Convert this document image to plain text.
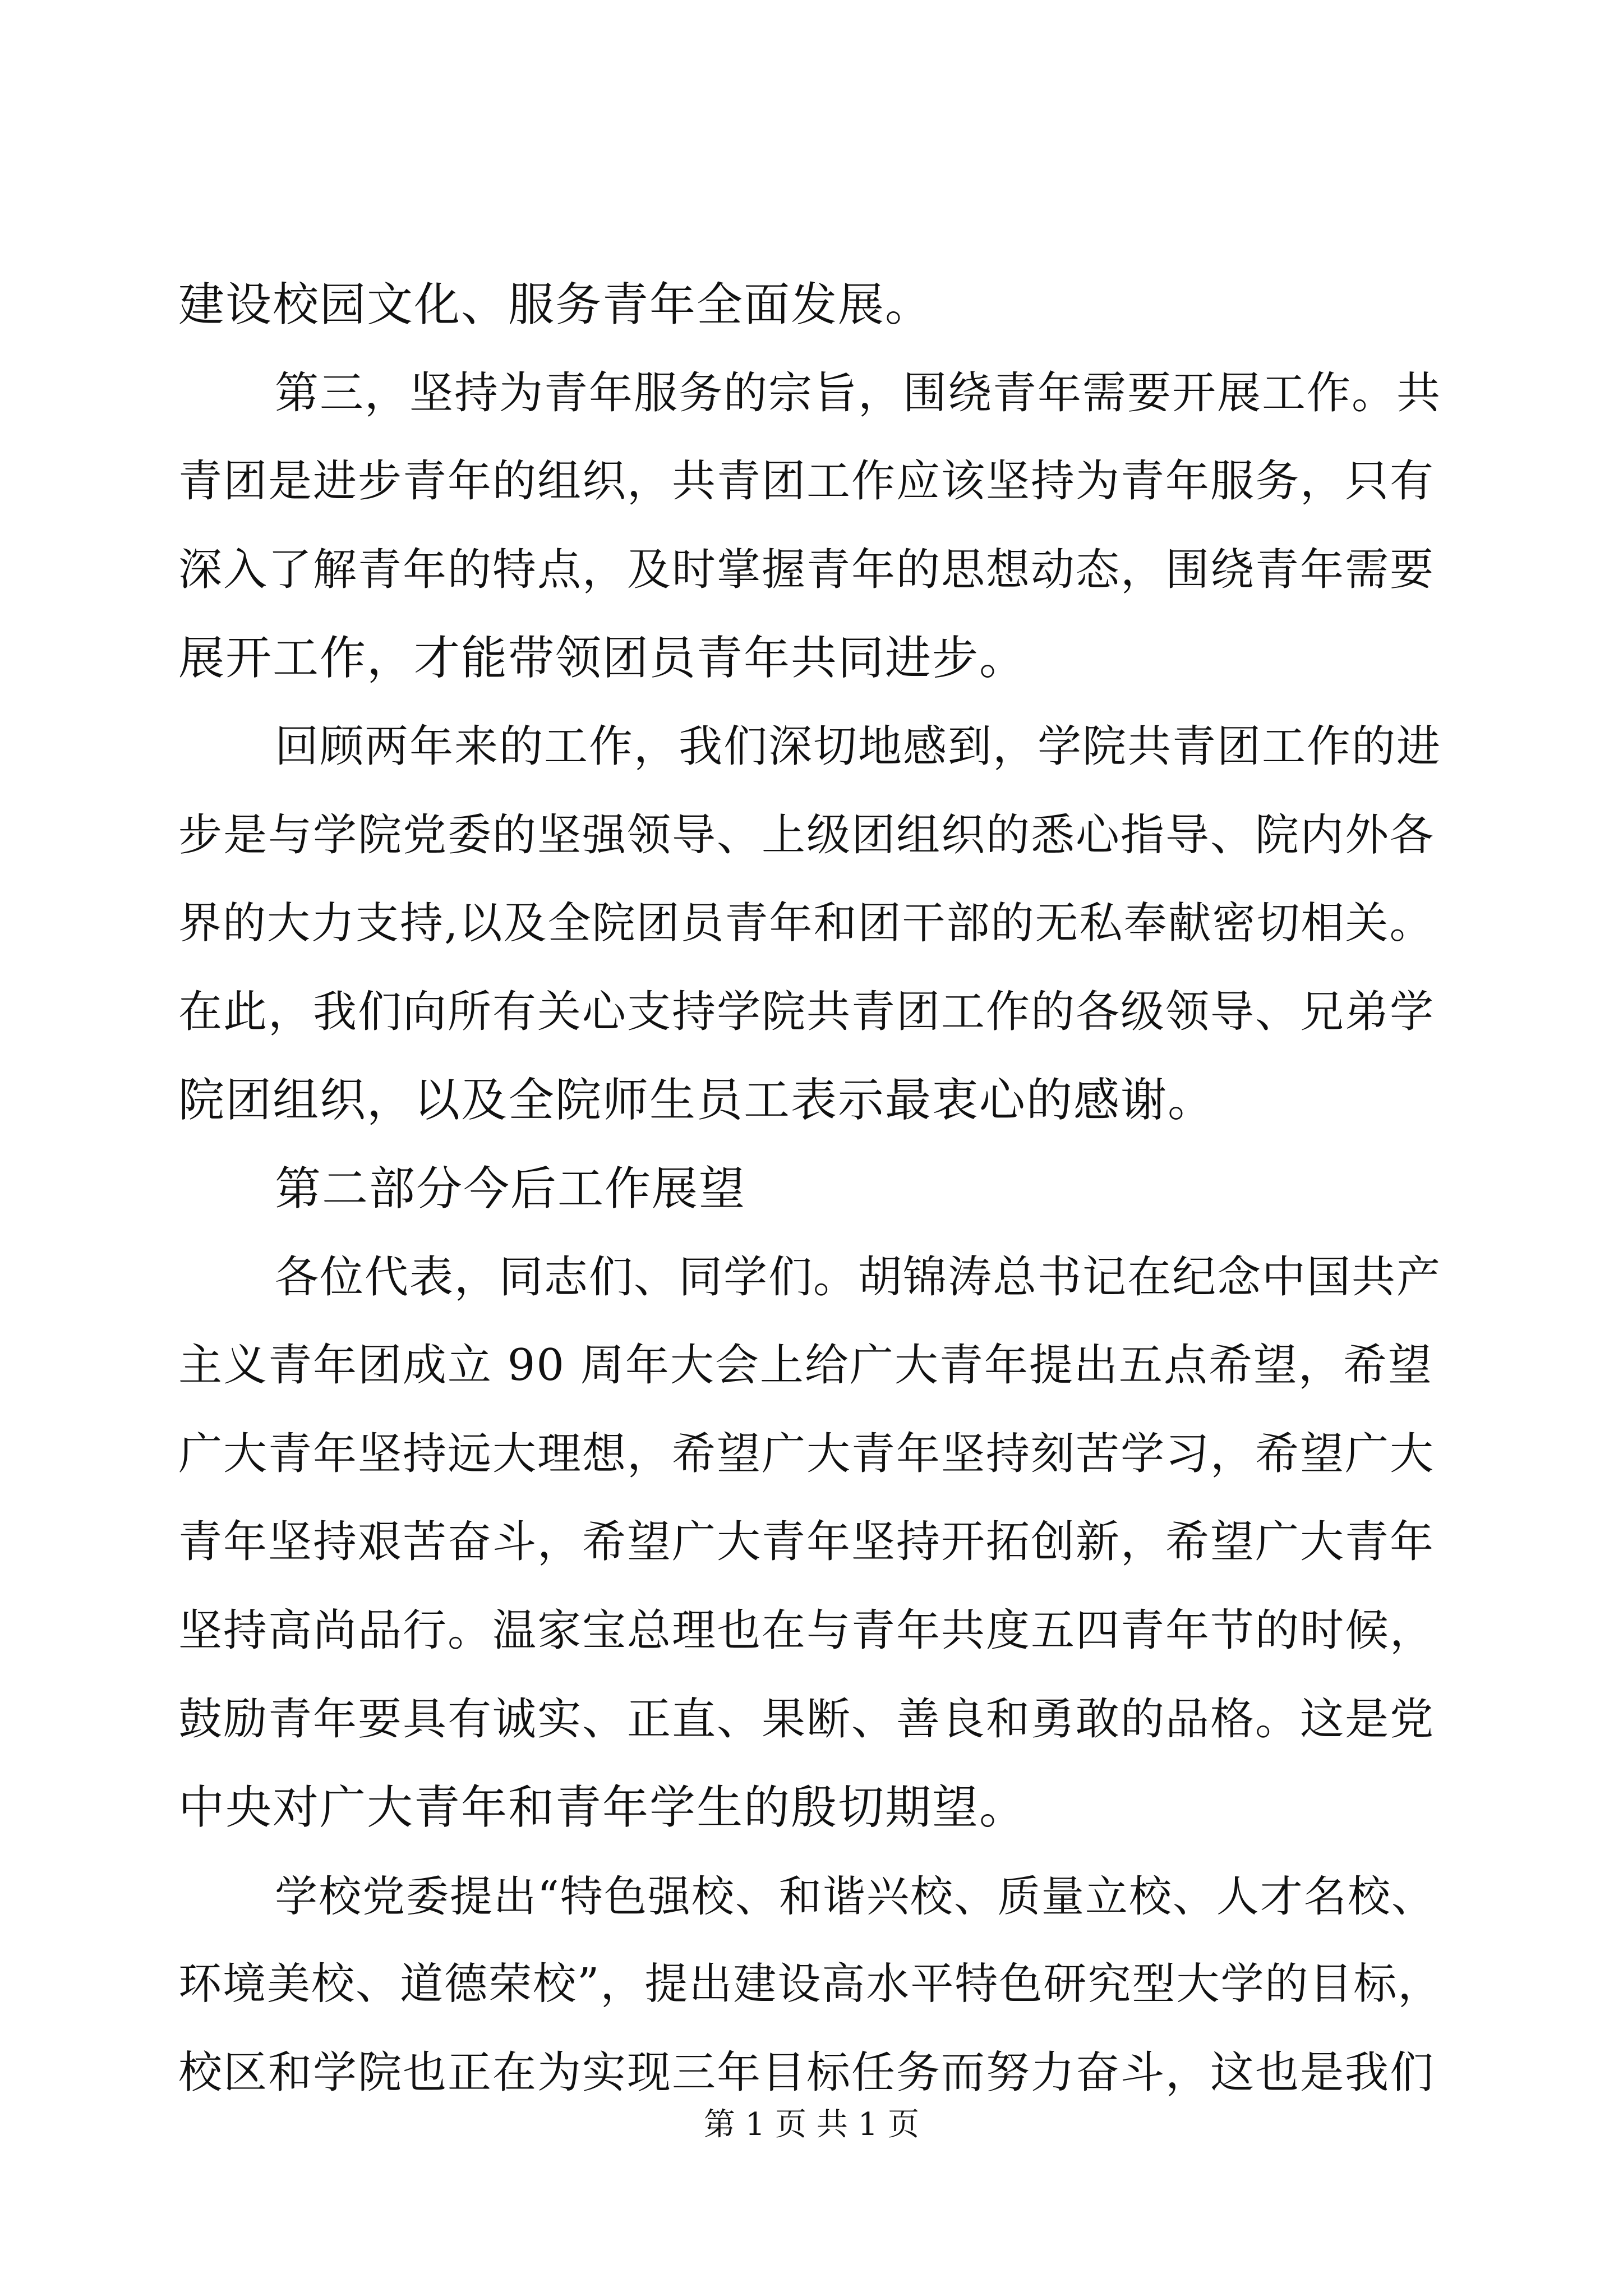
建设校园文化、服务青年全面发展。
第三，坚持为青年服务的宗旨，围绕青年需要开展工作。共
青团是进步青年的组织，共青团工作应该坚持为青年服务，只有
深入了解青年的特点，及时掌握青年的思想动态，围绕青年需要
展开工作，才能带领团员青年共同进步。
回顾两年来的工作，我们深切地感到，学院共青团工作的进
步是与学院党委的坚强领导、上级团组织的悉心指导、院内外各
界的大力支持,以及全院团员青年和团干部的无私奉献密切相关。
在此，我们向所有关心支持学院共青团工作的各级领导、兄弟学
院团组织，以及全院师生员工表示最衷心的感谢。
第二部分今后工作展望
各位代表，同志们、同学们。胡锦涛总书记在纪念中国共产
主义青年团成立 90 周年大会上给广大青年提出五点希望，希望
广大青年坚持远大理想，希望广大青年坚持刻苦学习，希望广大
青年坚持艰苦奋斗，希望广大青年坚持开拓创新，希望广大青年
坚持高尚品行。温家宝总理也在与青年共度五四青年节的时候，
鼓励青年要具有诚实、正直、果断、善良和勇敢的品格。这是党
中央对广大青年和青年学生的殷切期望。
学校党委提出“特色强校、和谐兴校、质量立校、人才名校、
环境美校、道德荣校”，提出建设高水平特色研究型大学的目标，
校区和学院也正在为实现三年目标任务而努力奋斗，这也是我们
第 1 页 共 1 页
